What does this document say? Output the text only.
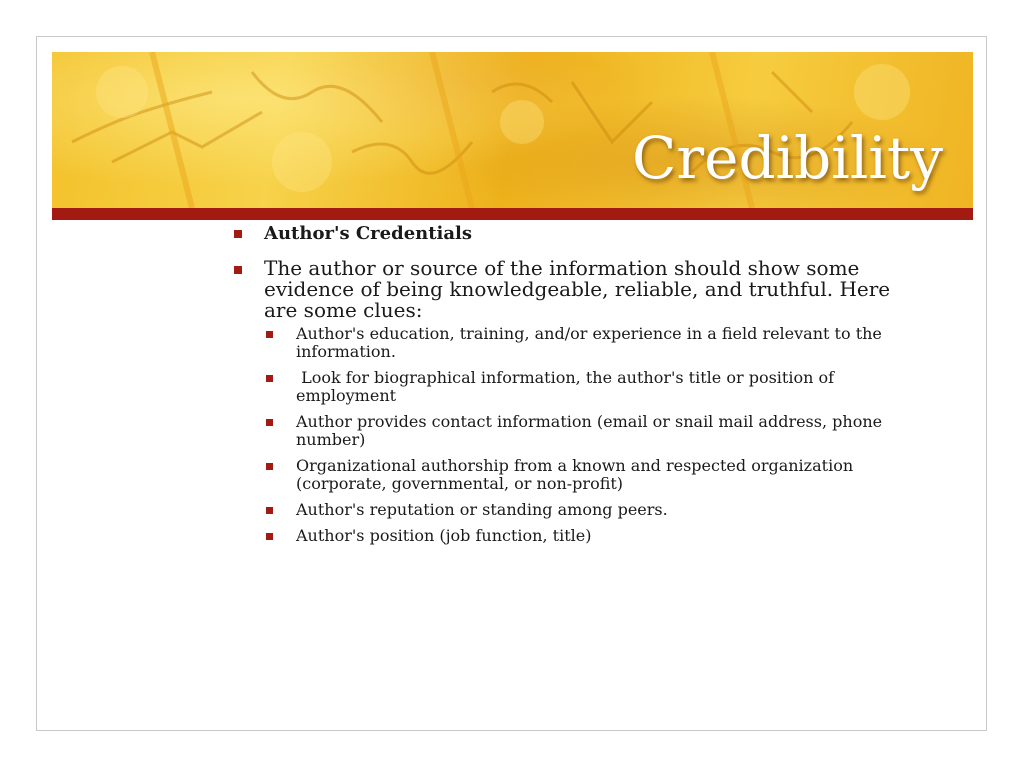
Credibility
Author's Credentials
The author or source of the information should show some evidence of being knowledgeable, reliable, and truthful. Here are some clues:
Author's education, training, and/or experience in a field relevant to the information.
Look for biographical information, the author's title or position of employment
Author provides contact information (email or snail mail address, phone number)
Organizational authorship from a known and respected organization (corporate, governmental, or non-profit)
Author's reputation or standing among peers.
Author's position (job function, title)
